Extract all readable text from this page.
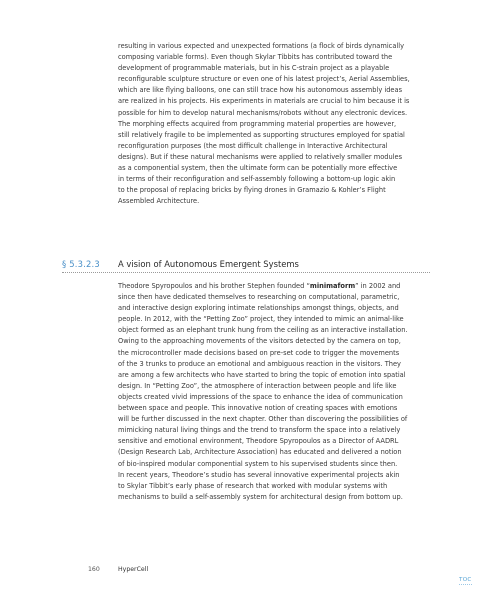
resulting in various expected and unexpected formations (a flock of birds dynamically
composing variable forms). Even though Skylar Tibbits has contributed toward the
development of programmable materials, but in his C-strain project as a playable
reconfigurable sculpture structure or even one of his latest project’s, Aerial Assemblies,
which are like flying balloons, one can still trace how his autonomous assembly ideas
are realized in his projects. His experiments in materials are crucial to him because it is
possible for him to develop natural mechanisms/robots without any electronic devices.
The morphing effects acquired from programming material properties are however,
still relatively fragile to be implemented as supporting structures employed for spatial
reconfiguration purposes (the most difficult challenge in Interactive Architectural
designs). But if these natural mechanisms were applied to relatively smaller modules
as a componential system, then the ultimate form can be potentially more effective
in terms of their reconfiguration and self-assembly following a bottom-up logic akin
to the proposal of replacing bricks by flying drones in Gramazio & Kohler’s Flight
Assembled Architecture.
§ 5.3.2.3 A vision of Autonomous Emergent Systems
Theodore Spyropoulos and his brother Stephen founded “minimaform” in 2002 and
since then have dedicated themselves to researching on computational, parametric,
and interactive design exploring intimate relationships amongst things, objects, and
people. In 2012, with the “Petting Zoo” project, they intended to mimic an animal-like
object formed as an elephant trunk hung from the ceiling as an interactive installation.
Owing to the approaching movements of the visitors detected by the camera on top,
the microcontroller made decisions based on pre-set code to trigger the movements
of the 3 trunks to produce an emotional and ambiguous reaction in the visitors. They
are among a few architects who have started to bring the topic of emotion into spatial
design. In “Petting Zoo”, the atmosphere of interaction between people and life like
objects created vivid impressions of the space to enhance the idea of communication
between space and people. This innovative notion of creating spaces with emotions
will be further discussed in the next chapter. Other than discovering the possibilities of
mimicking natural living things and the trend to transform the space into a relatively
sensitive and emotional environment, Theodore Spyropoulos as a Director of AADRL
(Design Research Lab, Architecture Association) has educated and delivered a notion
of bio-inspired modular componential system to his supervised students since then.
In recent years, Theodore’s studio has several innovative experimental projects akin
to Skylar Tibbit’s early phase of research that worked with modular systems with
mechanisms to build a self-assembly system for architectural design from bottom up.
160	HyperCell
TOC
